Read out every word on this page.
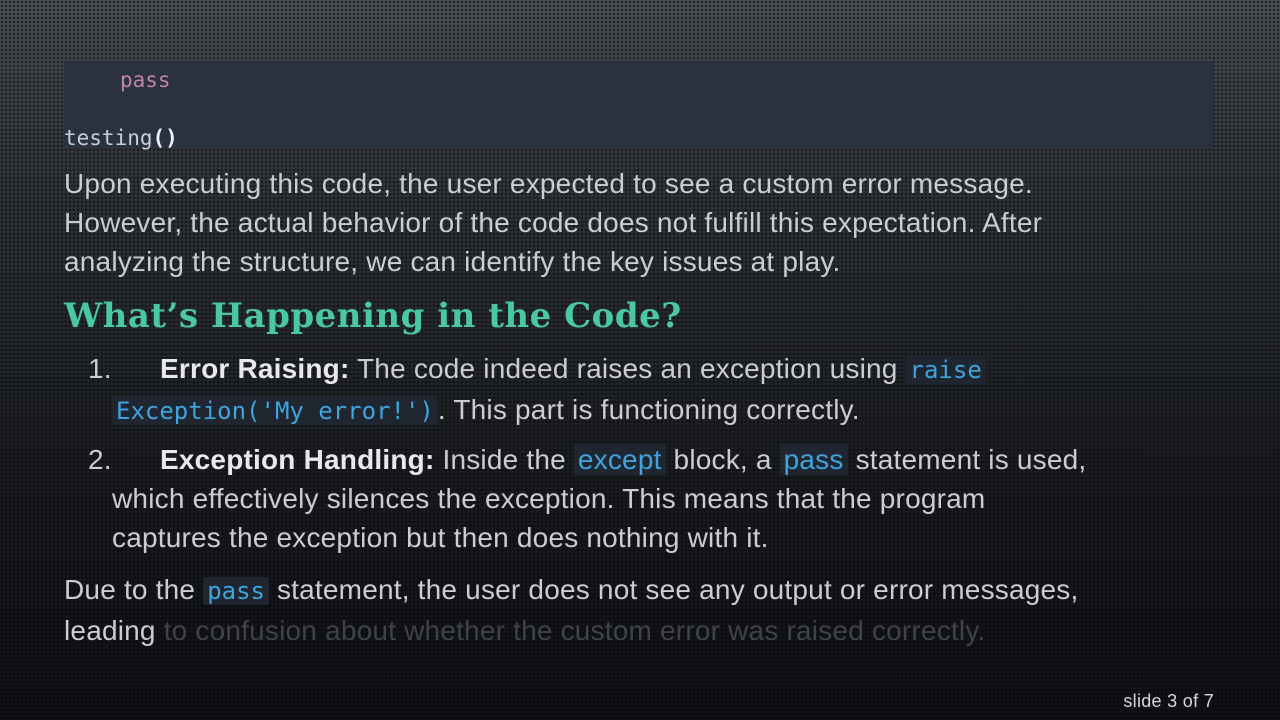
pass
testing()
Upon executing this code, the user expected to see a custom error message.
However, the actual behavior of the code does not fulfill this expectation. After
analyzing the structure, we can identify the key issues at play.
What’s Happening in the Code?
1.	Error Raising: The code indeed raises an exception using raise
Exception('My error!') . This part is functioning correctly.
2.	Exception Handling: Inside the except block, a pass statement is used,
which effectively silences the exception. This means that the program
captures the exception but then does nothing with it.
Due to the pass statement, the user does not see any output or error messages,
leading to confusion about whether the custom error was raised correctly.
slide 3 of 7
